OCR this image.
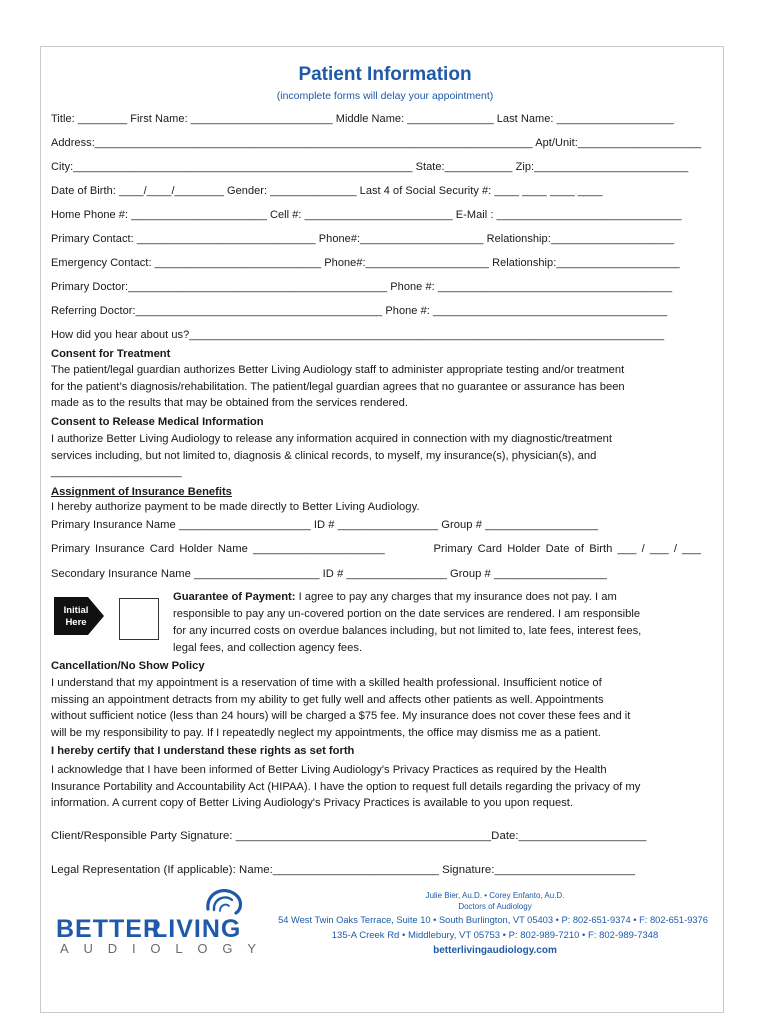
Patient Information
(incomplete forms will delay your appointment)
Title: ________ First Name: _______________________ Middle Name: ______________ Last Name: ___________________
Address:_______________________________________________________________________ Apt/Unit:____________________
City:_______________________________________________________ State:___________ Zip:_________________________
Date of Birth: ____/____/________ Gender: ______________ Last 4 of Social Security #: ____ ____ ____ ____
Home Phone #: ______________________ Cell #: ________________________ E-Mail : ______________________________
Primary Contact: _____________________________ Phone#:____________________ Relationship:____________________
Emergency Contact: ___________________________ Phone#:____________________ Relationship:____________________
Primary Doctor:__________________________________________ Phone #: ______________________________________
Referring Doctor:________________________________________ Phone #: ______________________________________
How did you hear about us?_____________________________________________________________________________
Consent for Treatment
The patient/legal guardian authorizes Better Living Audiology staff to administer appropriate testing and/or treatment
for the patient’s diagnosis/rehabilitation. The patient/legal guardian agrees that no guarantee or assurance has been
made as to the results that may be obtained from the services rendered.
Consent to Release Medical Information
I authorize Better Living Audiology to release any information acquired in connection with my diagnostic/treatment
services including, but not limited to, diagnosis & clinical records, to myself, my insurance(s), physician(s), and
_____________________
Assignment of Insurance Benefits
I hereby authorize payment to be made directly to Better Living Audiology.
Primary Insurance Name _____________________ ID # ________________ Group # __________________
Primary Insurance Card Holder Name _____________________	Primary Card Holder Date of Birth ___ / ___ / ___
Secondary Insurance Name ____________________ ID # ________________ Group # __________________
Initial
Here
Guarantee of Payment: I agree to pay any charges that my insurance does not pay. I am
responsible to pay any un-covered portion on the date services are rendered. I am responsible
for any incurred costs on overdue balances including, but not limited to, late fees, interest fees,
legal fees, and collection agency fees.
Cancellation/No Show Policy
I understand that my appointment is a reservation of time with a skilled health professional. Insufficient notice of
missing an appointment detracts from my ability to get fully well and affects other patients as well. Appointments
without sufficient notice (less than 24 hours) will be charged a $75 fee. My insurance does not cover these fees and it
will be my responsibility to pay. If I repeatedly neglect my appointments, the office may dismiss me as a patient.
I hereby certify that I understand these rights as set forth
I acknowledge that I have been informed of Better Living Audiology's Privacy Practices as required by the Health
Insurance Portability and Accountability Act (HIPAA). I have the option to request full details regarding the privacy of my
information. A current copy of Better Living Audiology's Privacy Practices is available to you upon request.
Client/Responsible Party Signature: ________________________________________Date:____________________
Legal Representation (If applicable): Name:__________________________ Signature:______________________
BETTER
LIVING
A U D I O L O G Y
Julie Bier, Au.D. • Corey Enfanto, Au.D.
Doctors of Audiology
54 West Twin Oaks Terrace, Suite 10 • South Burlington, VT 05403 • P: 802-651-9374 • F: 802-651-9376
135-A Creek Rd • Middlebury, VT 05753 • P: 802-989-7210 • F: 802-989-7348
betterlivingaudiology.com
